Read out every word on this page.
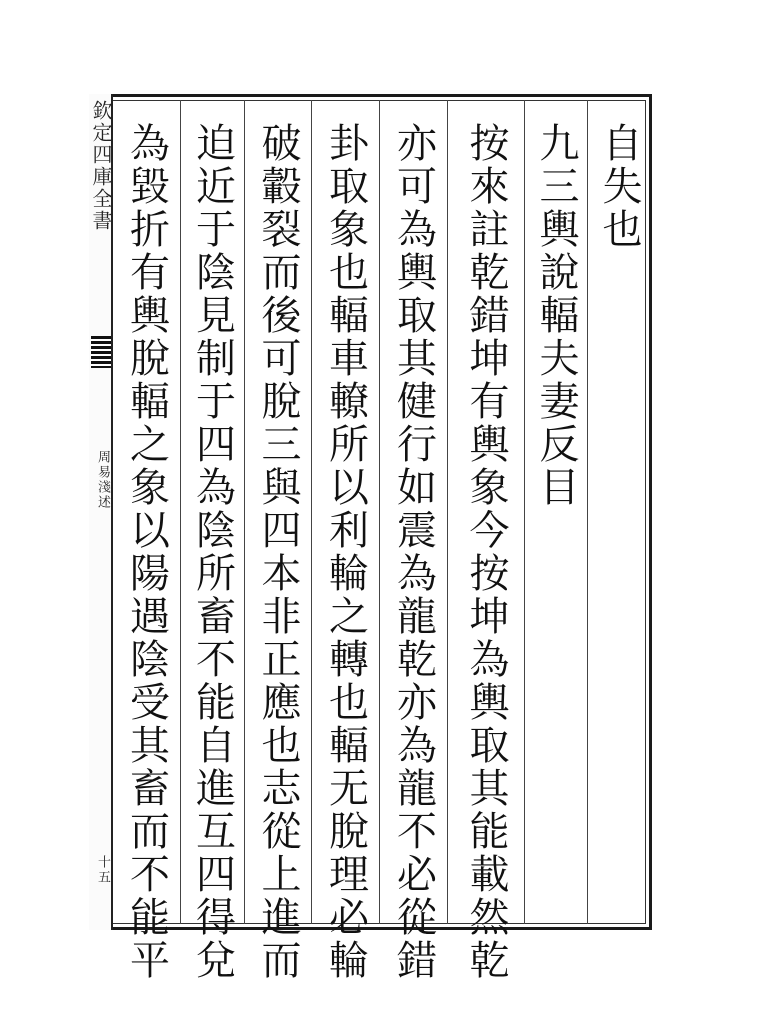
欽定四庫全書
周易淺述
十五
自失也
九三輿說輻夫妻反目
按來註乾錯坤有輿象今按坤為輿取其能載然乾
亦可為輿取其健行如震為龍乾亦為龍不必從錯
卦取象也輻車轑所以利輪之轉也輻无脫理必輪
破轂裂而後可脫三與四本非正應也志從上進而
迫近于陰見制于四為陰所畜不能自進互四得兌
為毀折有輿脫輻之象以陽遇陰受其畜而不能平
